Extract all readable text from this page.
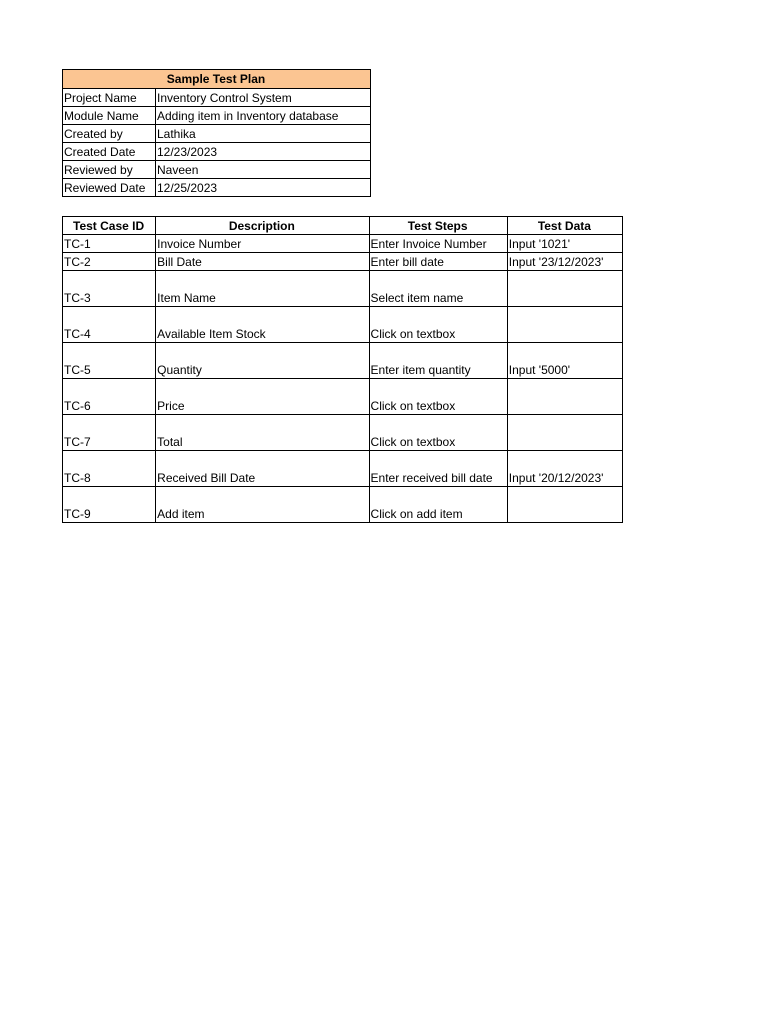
Sample Test Plan	
Project Name	Inventory Control System
Module Name	Adding item in Inventory database
Created by	Lathika
Created Date	12/23/2023
Reviewed by	Naveen
Reviewed Date	12/25/2023
Test Case ID	Description	Test Steps	Test Data
TC-1	Invoice Number	Enter Invoice Number	Input '1021'
TC-2	Bill Date	Enter bill date	Input '23/12/2023'
TC-3	Item Name	Select item name	
TC-4	Available Item Stock	Click on textbox	
TC-5	Quantity	Enter item quantity	Input '5000'
TC-6	Price	Click on textbox	
TC-7	Total	Click on textbox	
TC-8	Received Bill Date	Enter received bill date	Input '20/12/2023'
TC-9	Add item	Click on add item	
